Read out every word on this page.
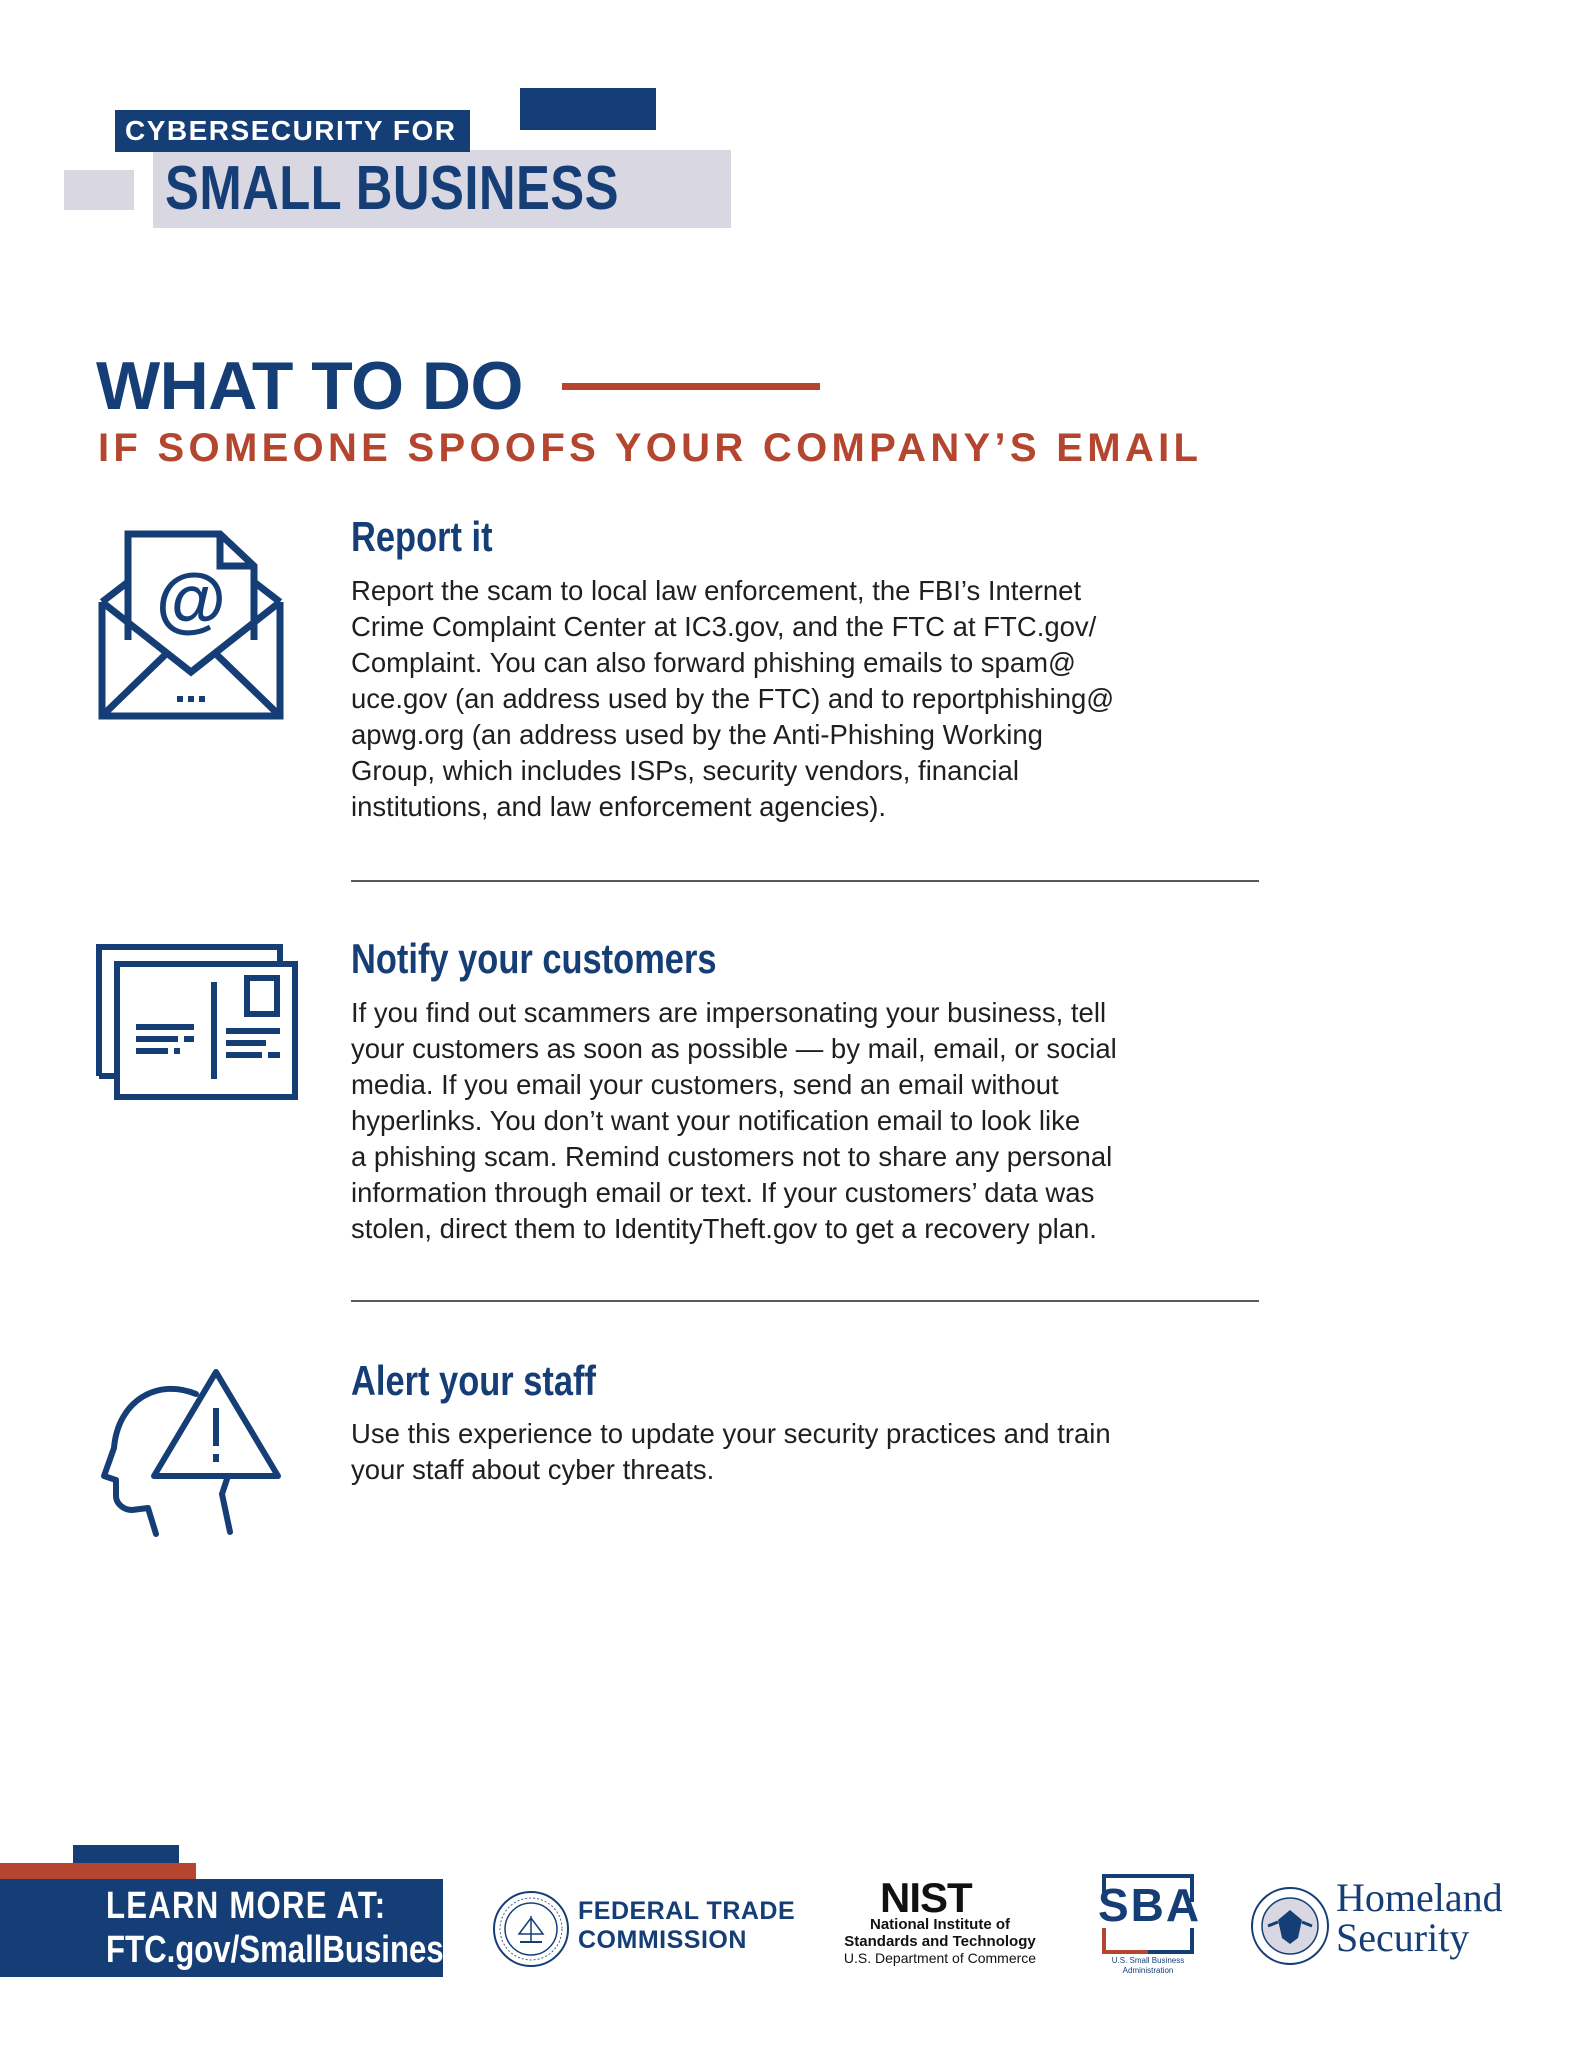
SMALL BUSINESS
CYBERSECURITY FOR
WHAT TO DO
IF SOMEONE SPOOFS YOUR COMPANY’S EMAIL
@
Report it
Report the scam to local law enforcement, the FBI’s Internet
Crime Complaint Center at IC3.gov, and the FTC at FTC.gov/
Complaint. You can also forward phishing emails to spam@
uce.gov (an address used by the FTC) and to reportphishing@
apwg.org (an address used by the Anti-Phishing Working
Group, which includes ISPs, security vendors, financial
institutions, and law enforcement agencies).
Notify your customers
If you find out scammers are impersonating your business, tell
your customers as soon as possible — by mail, email, or social
media. If you email your customers, send an email without
hyperlinks. You don’t want your notification email to look like
a phishing scam. Remind customers not to share any personal
information through email or text. If your customers’ data was
stolen, direct them to IdentityTheft.gov to get a recovery plan.
Alert your staff
Use this experience to update your security practices and train
your staff about cyber threats.
LEARN MORE AT:
FTC.gov/SmallBusiness
FEDERAL TRADE
COMMISSION
NIST
National Institute of
Standards and Technology
U.S. Department of Commerce
SBA
U.S. Small Business Administration
Homeland
Security
